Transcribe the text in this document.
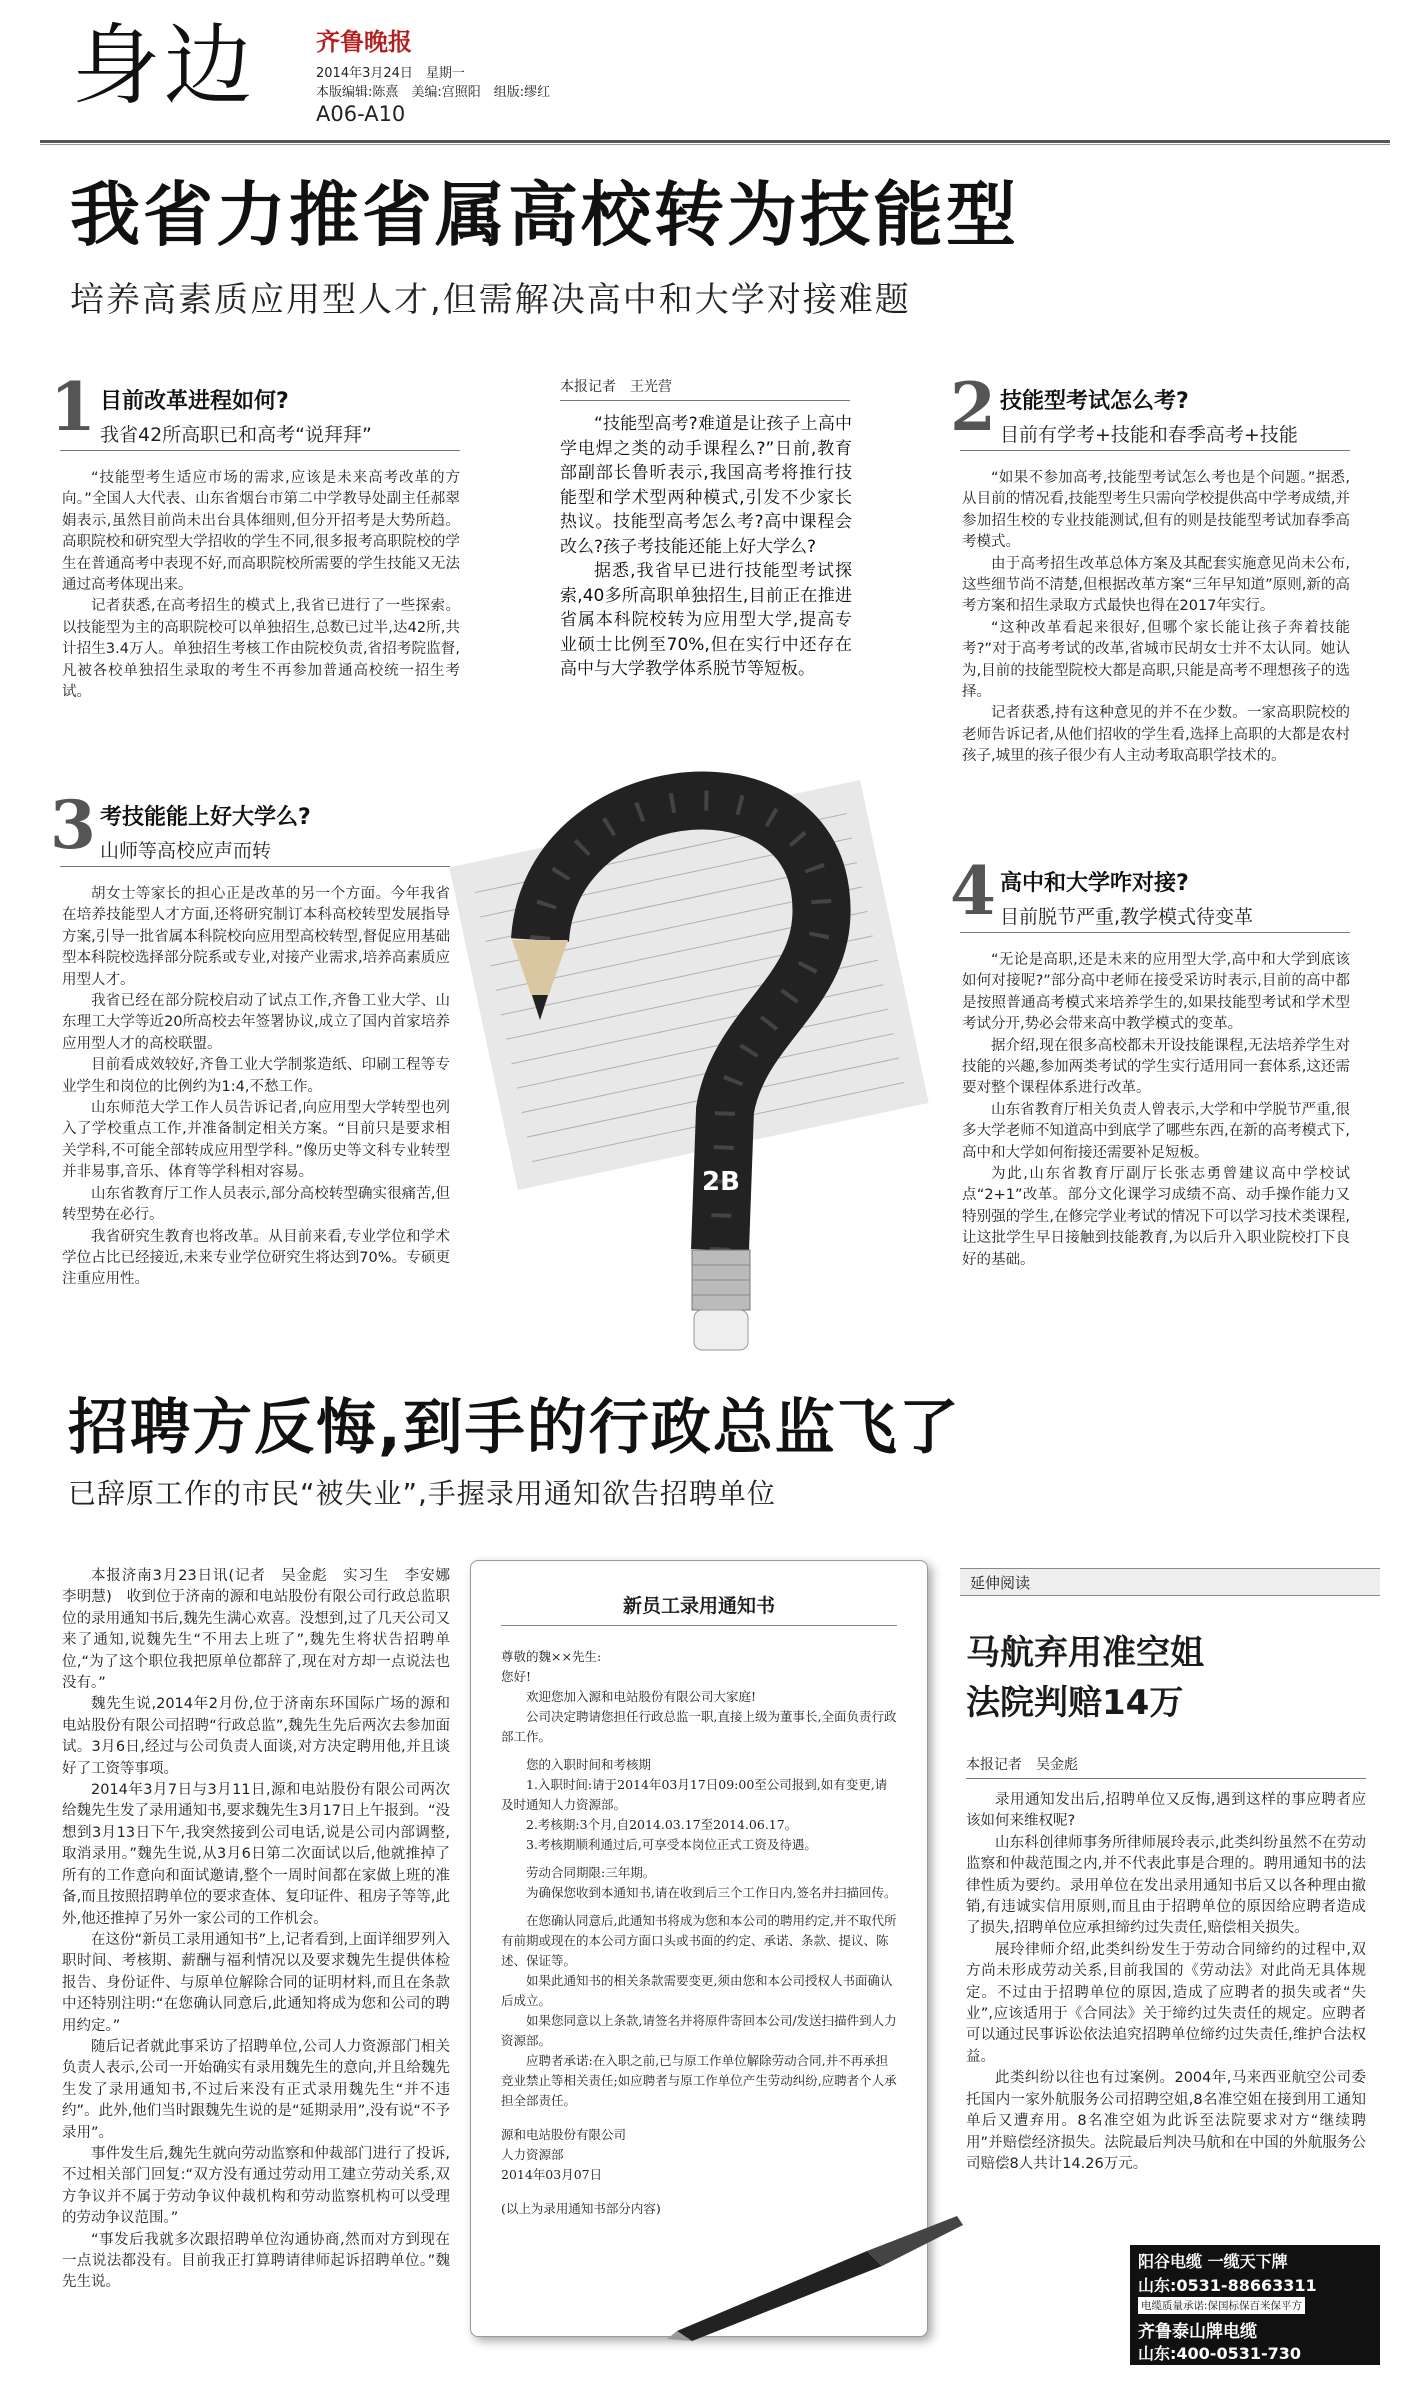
身边 齐鲁晚报
2014年3月24日　星期一
本版编辑:陈熹　美编:宫照阳　组版:缪红
A06-A10
我省力推省属高校转为技能型
培养高素质应用型人才,但需解决高中和大学对接难题
1 目前改革进程如何?
我省42所高职已和高考“说拜拜”

“技能型考生适应市场的需求,应该是未来高考改革的方向。”全国人大代表、山东省烟台市第二中学教导处副主任郝翠娟表示,虽然目前尚未出台具体细则,但分开招考是大势所趋。高职院校和研究型大学招收的学生不同,很多报考高职院校的学生在普通高考中表现不好,而高职院校所需要的学生技能又无法通过高考体现出来。

记者获悉,在高考招生的模式上,我省已进行了一些探索。以技能型为主的高职院校可以单独招生,总数已过半,达42所,共计招生3.4万人。单独招生考核工作由院校负责,省招考院监督,凡被各校单独招生录取的考生不再参加普通高校统一招生考试。

本报记者　 王光营

“技能型高考?难道是让孩子上高中学电焊之类的动手课程么?”日前,教育部副部长鲁昕表示,我国高考将推行技能型和学术型两种模式,引发不少家长热议。技能型高考怎么考?高中课程会改么?孩子考技能还能上好大学么?

据悉,我省早已进行技能型考试探索,40多所高职单独招生,目前正在推进省属本科院校转为应用型大学,提高专业硕士比例至70%,但在实行中还存在高中与大学教学体系脱节等短板。

2B
2 技能型考试怎么考?
目前有学考+技能和春季高考+技能

“如果不参加高考,技能型考试怎么考也是个问题。”据悉,从目前的情况看,技能型考生只需向学校提供高中学考成绩,并参加招生校的专业技能测试,但有的则是技能型考试加春季高考模式。

由于高考招生改革总体方案及其配套实施意见尚未公布,这些细节尚不清楚,但根据改革方案“三年早知道”原则,新的高考方案和招生录取方式最快也得在2017年实行。

“这种改革看起来很好,但哪个家长能让孩子奔着技能考?”对于高考考试的改革,省城市民胡女士并不太认同。她认为,目前的技能型院校大都是高职,只能是高考不理想孩子的选择。

记者获悉,持有这种意见的并不在少数。一家高职院校的老师告诉记者,从他们招收的学生看,选择上高职的大都是农村孩子,城里的孩子很少有人主动考取高职学技术的。

3 考技能能上好大学么?
山师等高校应声而转

胡女士等家长的担心正是改革的另一个方面。今年我省在培养技能型人才方面,还将研究制订本科高校转型发展指导方案,引导一批省属本科院校向应用型高校转型,督促应用基础型本科院校选择部分院系或专业,对接产业需求,培养高素质应用型人才。

我省已经在部分院校启动了试点工作,齐鲁工业大学、山东理工大学等近20所高校去年签署协议,成立了国内首家培养应用型人才的高校联盟。

目前看成效较好,齐鲁工业大学制浆造纸、印刷工程等专业学生和岗位的比例约为1:4,不愁工作。

山东师范大学工作人员告诉记者,向应用型大学转型也列入了学校重点工作,并准备制定相关方案。“目前只是要求相关学科,不可能全部转成应用型学科。”像历史等文科专业转型并非易事,音乐、体育等学科相对容易。

山东省教育厅工作人员表示,部分高校转型确实很痛苦,但转型势在必行。

我省研究生教育也将改革。从目前来看,专业学位和学术学位占比已经接近,未来专业学位研究生将达到70%。专硕更注重应用性。

4 高中和大学咋对接?
目前脱节严重,教学模式待变革

“无论是高职,还是未来的应用型大学,高中和大学到底该如何对接呢?”部分高中老师在接受采访时表示,目前的高中都是按照普通高考模式来培养学生的,如果技能型考试和学术型考试分开,势必会带来高中教学模式的变革。

据介绍,现在很多高校都未开设技能课程,无法培养学生对技能的兴趣,参加两类考试的学生实行适用同一套体系,这还需要对整个课程体系进行改革。

山东省教育厅相关负责人曾表示,大学和中学脱节严重,很多大学老师不知道高中到底学了哪些东西,在新的高考模式下,高中和大学如何衔接还需要补足短板。

为此,山东省教育厅副厅长张志勇曾建议高中学校试点“2+1”改革。部分文化课学习成绩不高、动手操作能力又特别强的学生,在修完学业考试的情况下可以学习技术类课程,让这批学生早日接触到技能教育,为以后升入职业院校打下良好的基础。

招聘方反悔,到手的行政总监飞了
已辞原工作的市民“被失业”,手握录用通知欲告招聘单位

本报济南3月23日讯(记者　吴金彪　实习生　李安娜　李明慧)　收到位于济南的源和电站股份有限公司行政总监职位的录用通知书后,魏先生满心欢喜。没想到,过了几天公司又来了通知,说魏先生“不用去上班了”,魏先生将状告招聘单位,“为了这个职位我把原单位都辞了,现在对方却一点说法也没有。”

魏先生说,2014年2月份,位于济南东环国际广场的源和电站股份有限公司招聘“行政总监”,魏先生先后两次去参加面试。3月6日,经过与公司负责人面谈,对方决定聘用他,并且谈好了工资等事项。

2014年3月7日与3月11日,源和电站股份有限公司两次给魏先生发了录用通知书,要求魏先生3月17日上午报到。“没想到3月13日下午,我突然接到公司电话,说是公司内部调整,取消录用。”魏先生说,从3月6日第二次面试以后,他就推掉了所有的工作意向和面试邀请,整个一周时间都在家做上班的准备,而且按照招聘单位的要求查体、复印证件、租房子等等,此外,他还推掉了另外一家公司的工作机会。

在这份“新员工录用通知书”上,记者看到,上面详细罗列入职时间、考核期、薪酬与福利情况以及要求魏先生提供体检报告、身份证件、与原单位解除合同的证明材料,而且在条款中还特别注明:“在您确认同意后,此通知将成为您和公司的聘用约定。”

随后记者就此事采访了招聘单位,公司人力资源部门相关负责人表示,公司一开始确实有录用魏先生的意向,并且给魏先生发了录用通知书,不过后来没有正式录用魏先生“并不违约”。此外,他们当时跟魏先生说的是“延期录用”,没有说“不予录用”。

事件发生后,魏先生就向劳动监察和仲裁部门进行了投诉,不过相关部门回复:“双方没有通过劳动用工建立劳动关系,双方争议并不属于劳动争议仲裁机构和劳动监察机构可以受理的劳动争议范围。”

“事发后我就多次跟招聘单位沟通协商,然而对方到现在一点说法都没有。目前我正打算聘请律师起诉招聘单位。”魏先生说。

新员工录用通知书

尊敬的魏××先生:

您好!

欢迎您加入源和电站股份有限公司大家庭!

公司决定聘请您担任行政总监一职,直接上级为董事长,全面负责行政部工作。

您的入职时间和考核期

1.入职时间:请于2014年03月17日09:00至公司报到,如有变更,请及时通知人力资源部。

2.考核期:3个月,自2014.03.17至2014.06.17。

3.考核期顺利通过后,可享受本岗位正式工资及待遇。

劳动合同期限:三年期。

为确保您收到本通知书,请在收到后三个工作日内,签名并扫描回传。

在您确认同意后,此通知书将成为您和本公司的聘用约定,并不取代所有前期或现在的本公司方面口头或书面的约定、承诺、条款、提议、陈述、保证等。

如果此通知书的相关条款需要变更,须由您和本公司授权人书面确认后成立。

如果您同意以上条款,请签名并将原件寄回本公司/发送扫描件到人力资源部。

应聘者承诺:在入职之前,已与原工作单位解除劳动合同,并不再承担竞业禁止等相关责任;如应聘者与原工作单位产生劳动纠纷,应聘者个人承担全部责任。

源和电站股份有限公司

人力资源部

2014年03月07日

(以上为录用通知书部分内容)

延伸阅读
马航弃用准空姐
法院判赔14万
本报记者　 吴金彪

录用通知发出后,招聘单位又反悔,遇到这样的事应聘者应该如何来维权呢?

山东科创律师事务所律师展玲表示,此类纠纷虽然不在劳动监察和仲裁范围之内,并不代表此事是合理的。聘用通知书的法律性质为要约。录用单位在发出录用通知书后又以各种理由撤销,有违诚实信用原则,而且由于招聘单位的原因给应聘者造成了损失,招聘单位应承担缔约过失责任,赔偿相关损失。

展玲律师介绍,此类纠纷发生于劳动合同缔约的过程中,双方尚未形成劳动关系,目前我国的《劳动法》对此尚无具体规定。不过由于招聘单位的原因,造成了应聘者的损失或者“失业”,应该适用于《合同法》关于缔约过失责任的规定。应聘者可以通过民事诉讼依法追究招聘单位缔约过失责任,维护合法权益。

此类纠纷以往也有过案例。2004年,马来西亚航空公司委托国内一家外航服务公司招聘空姐,8名准空姐在接到用工通知单后又遭弃用。8名准空姐为此诉至法院要求对方“继续聘用”并赔偿经济损失。法院最后判决马航和在中国的外航服务公司赔偿8人共计14.26万元。

阳谷电缆 一缆天下牌
山东:0531-88663311
电缆质量承诺:保国标保百米保平方
齐鲁泰山牌电缆
山东:400-0531-730
